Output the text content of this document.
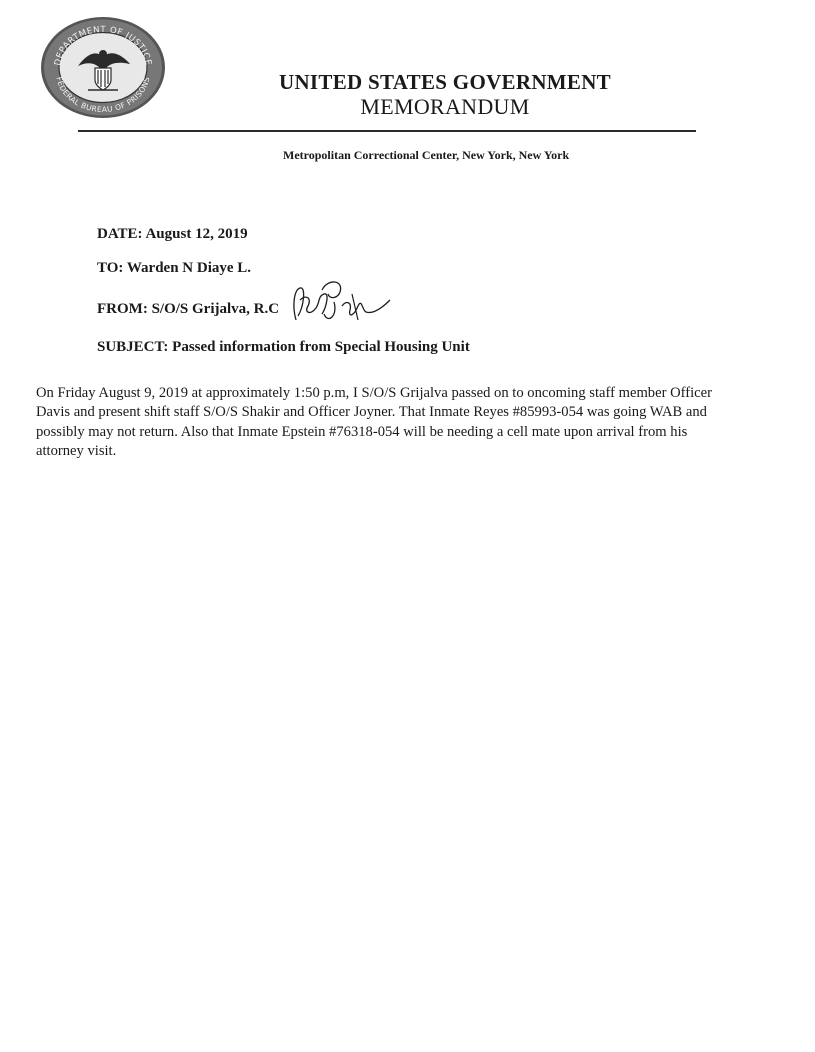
DEPARTMENT OF JUSTICE
FEDERAL BUREAU OF PRISONS	UNITED STATES GOVERNMENT
MEMORANDUM
Metropolitan Correctional Center, New York, New York
DATE: August 12, 2019
TO: Warden N Diaye L.
FROM: S/O/S Grijalva, R.C
SUBJECT: Passed information from Special Housing Unit
On Friday August 9, 2019 at approximately 1:50 p.m, I S/O/S Grijalva passed on to oncoming staff member Officer Davis and present shift staff S/O/S Shakir and Officer Joyner. That Inmate Reyes #85993-054 was going WAB and possibly may not return. Also that Inmate Epstein #76318-054 will be needing a cell mate upon arrival from his attorney visit.
